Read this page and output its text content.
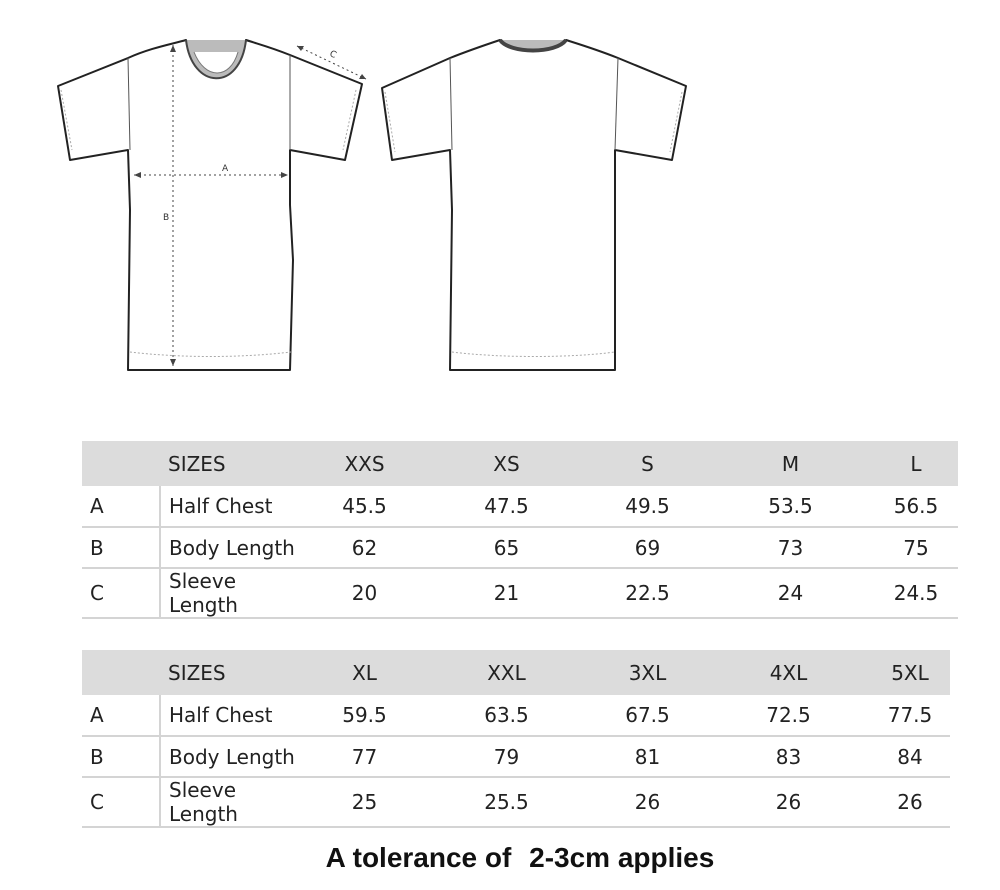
A
B
C
	SIZES	XXS	XS	S	M	L
A	Half Chest	45.5	47.5	49.5	53.5	56.5
B	Body Length	62	65	69	73	75
C	Sleeve Length	20	21	22.5	24	24.5
	SIZES	XL	XXL	3XL	4XL	5XL
A	Half Chest	59.5	63.5	67.5	72.5	77.5
B	Body Length	77	79	81	83	84
C	Sleeve Length	25	25.5	26	26	26
A tolerance of 2-3cm applies
